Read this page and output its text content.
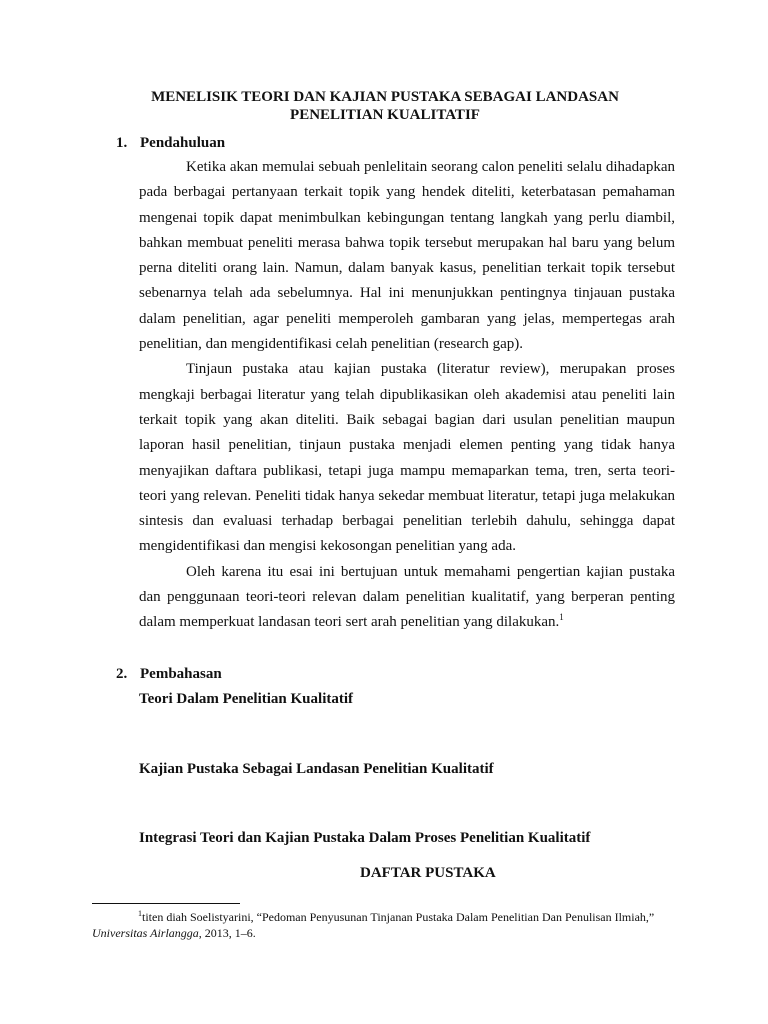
MENELISIK TEORI DAN KAJIAN PUSTAKA SEBAGAI LANDASAN
PENELITIAN KUALITATIF
1. Pendahuluan

Ketika akan memulai sebuah penlelitain seorang calon peneliti selalu dihadapkan pada berbagai pertanyaan terkait topik yang hendek diteliti, keterbatasan pemahaman mengenai topik dapat menimbulkan kebingungan tentang langkah yang perlu diambil, bahkan membuat peneliti merasa bahwa topik tersebut merupakan hal baru yang belum perna diteliti orang lain. Namun, dalam banyak kasus, penelitian terkait topik tersebut sebenarnya telah ada sebelumnya. Hal ini menunjukkan pentingnya tinjauan pustaka dalam penelitian, agar peneliti memperoleh gambaran yang jelas, mempertegas arah penelitian, dan mengidentifikasi celah penelitian (research gap).

Tinjaun pustaka atau kajian pustaka (literatur review), merupakan proses mengkaji berbagai literatur yang telah dipublikasikan oleh akademisi atau peneliti lain terkait topik yang akan diteliti. Baik sebagai bagian dari usulan penelitian maupun laporan hasil penelitian, tinjaun pustaka menjadi elemen penting yang tidak hanya menyajikan daftara publikasi, tetapi juga mampu memaparkan tema, tren, serta teori-teori yang relevan. Peneliti tidak hanya sekedar membuat literatur, tetapi juga melakukan sintesis dan evaluasi terhadap berbagai penelitian terlebih dahulu, sehingga dapat mengidentifikasi dan mengisi kekosongan penelitian yang ada.

Oleh karena itu esai ini bertujuan untuk memahami pengertian kajian pustaka dan penggunaan teori-teori relevan dalam penelitian kualitatif, yang berperan penting dalam memperkuat landasan teori sert arah penelitian yang dilakukan.$^1$

2. Pembahasan
Teori Dalam Penelitian Kualitatif
Kajian Pustaka Sebagai Landasan Penelitian Kualitatif
Integrasi Teori dan Kajian Pustaka Dalam Proses Penelitian Kualitatif
DAFTAR PUSTAKA
$^1$titen diah Soelistyarini, “Pedoman Penyusunan Tinjanan Pustaka Dalam Penelitian Dan Penulisan Ilmiah,” Universitas Airlangga, 2013, 1–6.
